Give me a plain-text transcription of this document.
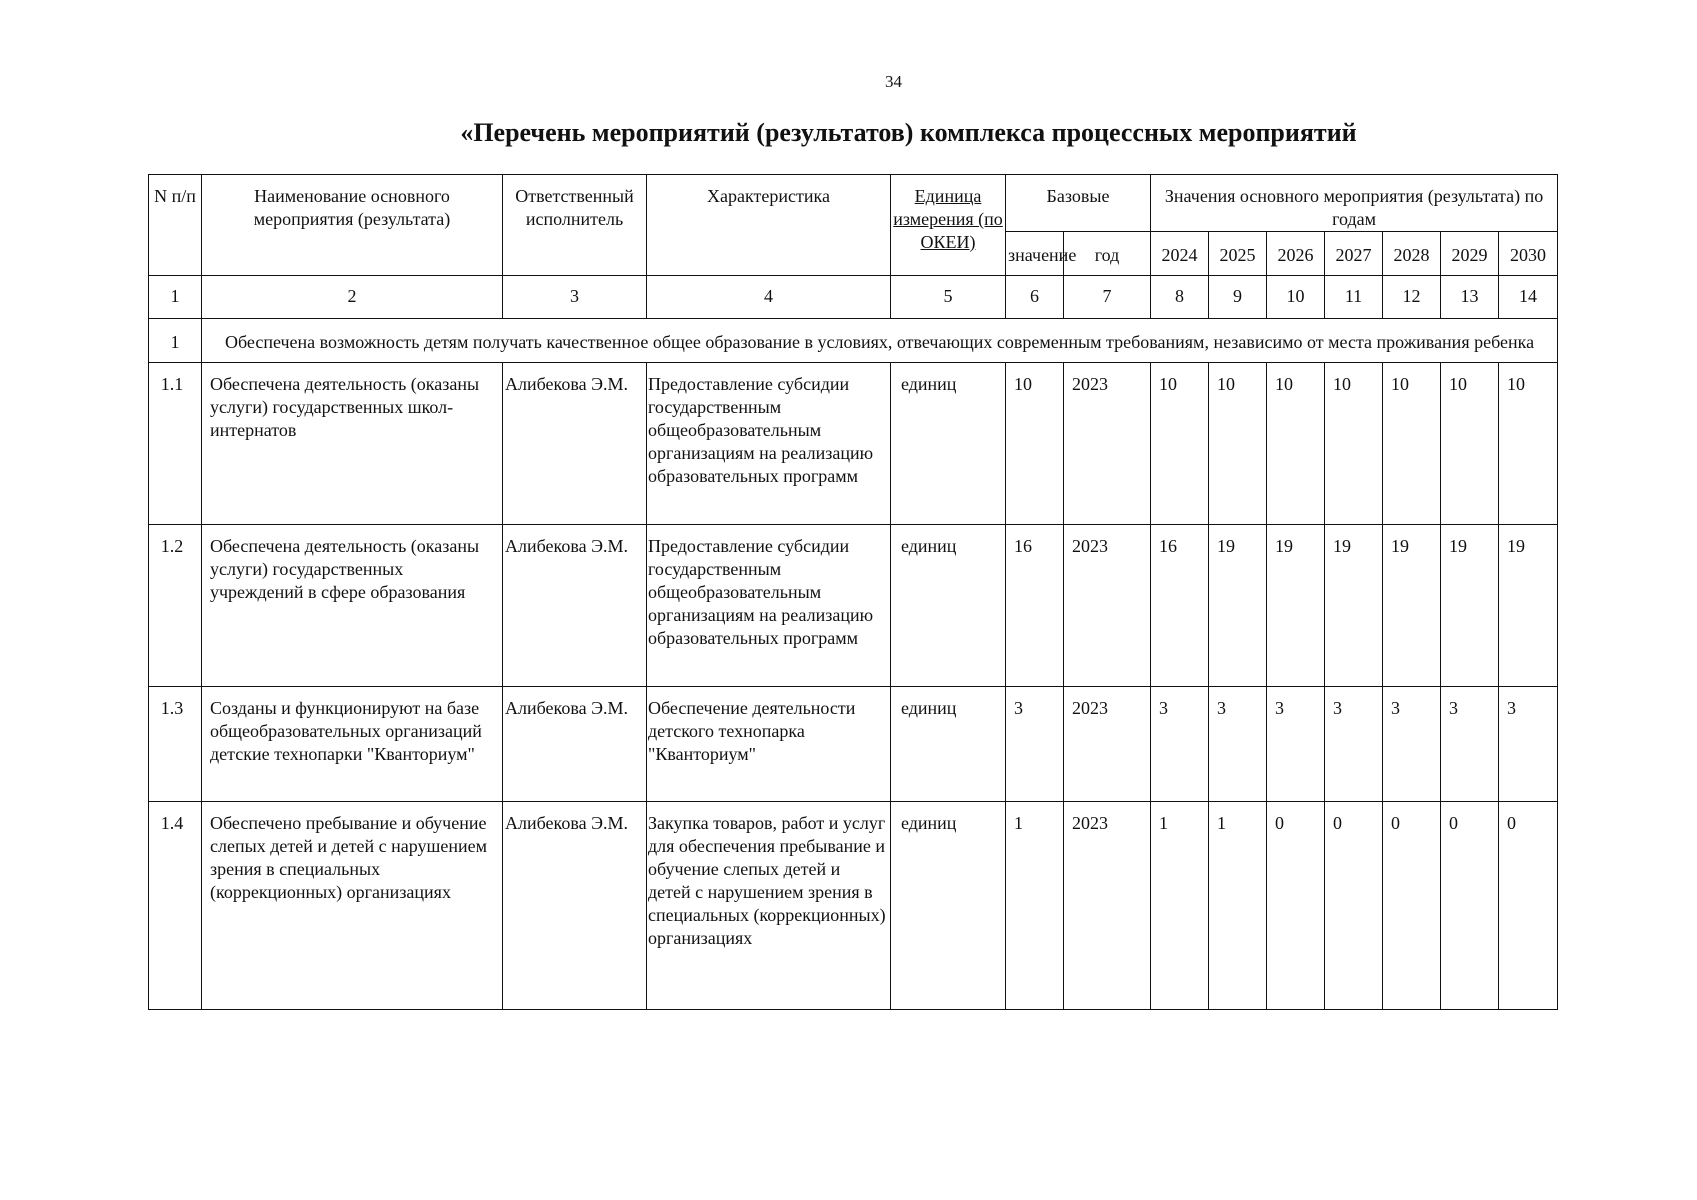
34
«Перечень мероприятий (результатов) комплекса процессных мероприятий
N п/п	Наименование основного мероприятия (результата)	Ответственный исполнитель	Характеристика	Единица измерения (по ОКЕИ)	Базовые		Значения основного мероприятия (результата) по годам						
					значение	год	2024	2025	2026	2027	2028	2029	2030
1	2	3	4	5	6	7	8	9	10	11	12	13	14
1	Обеспечена возможность детям получать качественное общее образование в условиях, отвечающих современным требованиям, независимо от места проживания ребенка												
1.1	Обеспечена деятельность (оказаны услуги) государственных школ-интернатов	Алибекова Э.М.	Предоставление субсидии государственным общеобразовательным организациям на реализацию образовательных программ	единиц	10	2023	10	10	10	10	10	10	10
1.2	Обеспечена деятельность (оказаны услуги) государственных учреждений в сфере образования	Алибекова Э.М.	Предоставление субсидии государственным общеобразовательным организациям на реализацию образовательных программ	единиц	16	2023	16	19	19	19	19	19	19
1.3	Созданы и функционируют на базе общеобразовательных организаций детские технопарки "Кванториум"	Алибекова Э.М.	Обеспечение деятельности детского технопарка "Кванториум"	единиц	3	2023	3	3	3	3	3	3	3
1.4	Обеспечено пребывание и обучение слепых детей и детей с нарушением зрения в специальных (коррекционных) организациях	Алибекова Э.М.	Закупка товаров, работ и услуг для обеспечения пребывание и обучение слепых детей и детей с нарушением зрения в специальных (коррекционных) организациях	единиц	1	2023	1	1	0	0	0	0	0
